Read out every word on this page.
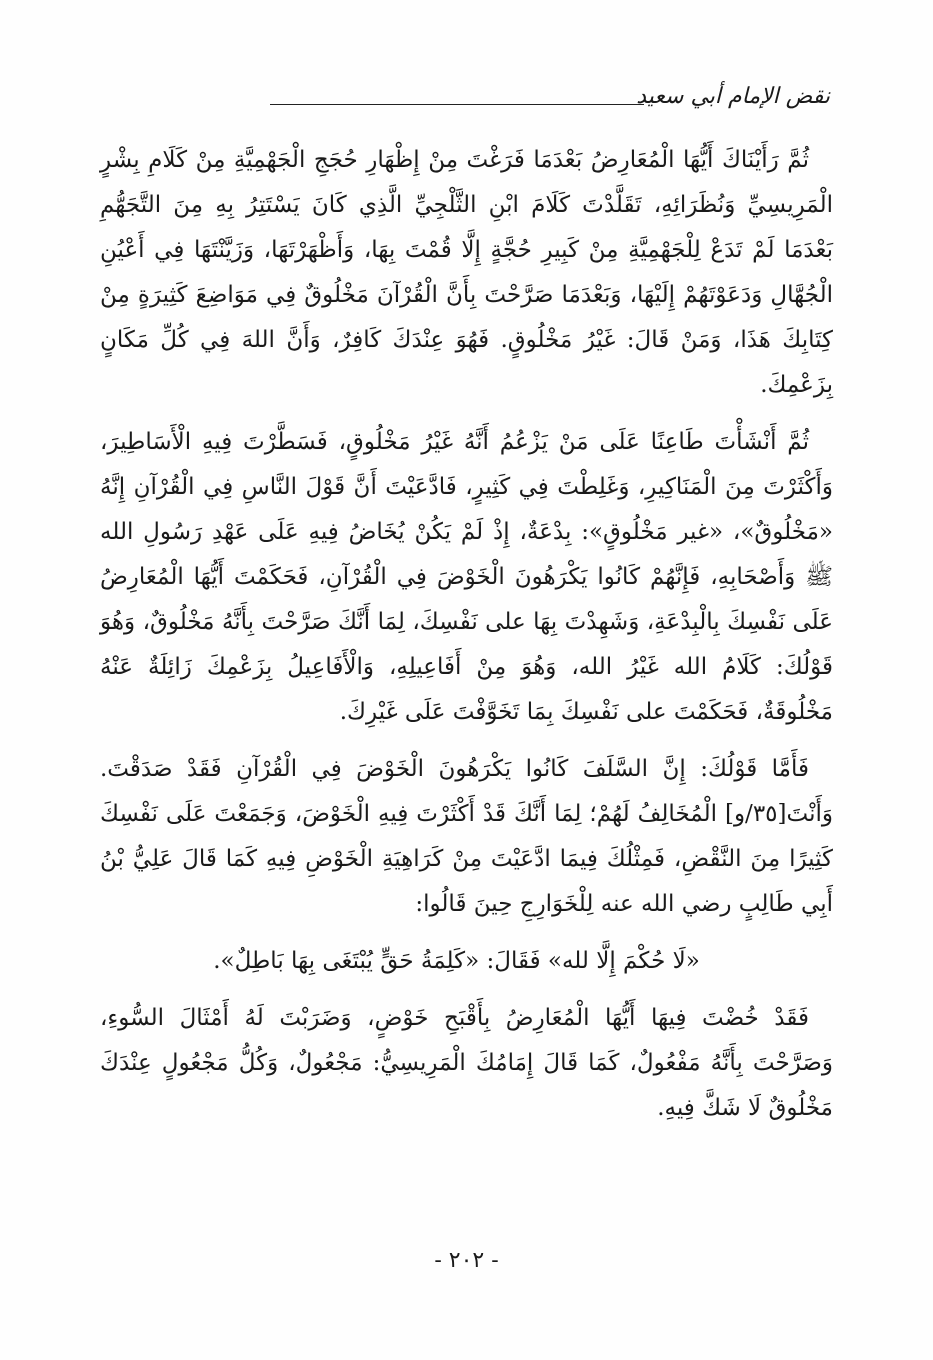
نقض الإمام أبي سعيد

ثُمَّ رَأَيْنَاكَ أَيُّهَا الْمُعَارِضُ بَعْدَمَا فَرَغْتَ مِنْ إِظْهَارِ حُجَجِ الْجَهْمِيَّةِ مِنْ كَلَامِ بِشْرٍ الْمَرِيسِيِّ وَنُظَرَائِهِ، تَقَلَّدْتَ كَلَامَ ابْنِ الثَّلْجِيِّ الَّذِي كَانَ يَسْتَتِرُ بِهِ مِنَ التَّجَهُّمِ بَعْدَمَا لَمْ تَدَعْ لِلْجَهْمِيَّةِ مِنْ كَبِيرِ حُجَّةٍ إِلَّا قُمْتَ بِهَا، وَأَظْهَرْتَهَا، وَزَيَّنْتَهَا فِي أَعْيُنِ الْجُهَّالِ وَدَعَوْتَهُمْ إِلَيْهَا، وَبَعْدَمَا صَرَّحْتَ بِأَنَّ الْقُرْآنَ مَخْلُوقٌ فِي مَوَاضِعَ كَثِيرَةٍ مِنْ كِتَابِكَ هَذَا، وَمَنْ قَالَ: غَيْرُ مَخْلُوقٍ. فَهُوَ عِنْدَكَ كَافِرٌ، وَأَنَّ اللهَ فِي كُلِّ مَكَانٍ بِزَعْمِكَ.

ثُمَّ أَنْشَأْتَ طَاعِنًا عَلَى مَنْ يَزْعُمُ أَنَّهُ غَيْرُ مَخْلُوقٍ، فَسَطَّرْتَ فِيهِ الْأَسَاطِيرَ، وَأَكْثَرْتَ مِنَ الْمَنَاكِيرِ، وَغَلِطْتَ فِي كَثِيرٍ، فَادَّعَيْتَ أَنَّ قَوْلَ النَّاسِ فِي الْقُرْآنِ إِنَّهُ «مَخْلُوقٌ»، «غير مَخْلُوقٍ»: بِدْعَةٌ، إِذْ لَمْ يَكُنْ يُخَاضُ فِيهِ عَلَى عَهْدِ رَسُولِ الله ﷺ وَأَصْحَابِهِ، فَإِنَّهُمْ كَانُوا يَكْرَهُونَ الْخَوْضَ فِي الْقُرْآنِ، فَحَكَمْتَ أَيُّهَا الْمُعَارِضُ عَلَى نَفْسِكَ بِالْبِدْعَةِ، وَشَهِدْتَ بِهَا على نَفْسِكَ، لِمَا أَنَّكَ صَرَّحْتَ بِأَنَّهُ مَخْلُوقٌ، وَهُوَ قَوْلُكَ: كَلَامُ الله غَيْرُ الله، وَهُوَ مِنْ أَفَاعِيلِهِ، وَالْأَفَاعِيلُ بِزَعْمِكَ زَائِلَةٌ عَنْهُ مَخْلُوقَةٌ، فَحَكَمْتَ على نَفْسِكَ بِمَا تَخَوَّفْتَ عَلَى غَيْرِكَ.

فَأَمَّا قَوْلُكَ: إِنَّ السَّلَفَ كَانُوا يَكْرَهُونَ الْخَوْضَ فِي الْقُرْآنِ فَقَدْ صَدَقْتَ. وَأَنْتَ[٣٥/و] الْمُخَالِفُ لَهُمْ؛ لِمَا أَنَّكَ قَدْ أَكْثَرْتَ فِيهِ الْخَوْضَ، وَجَمَعْتَ عَلَى نَفْسِكَ كَثِيرًا مِنَ النَّقْضِ، فَمِثْلُكَ فِيمَا ادَّعَيْتَ مِنْ كَرَاهِيَةِ الْخَوْضِ فِيهِ كَمَا قَالَ عَلِيُّ بْنُ أَبِي طَالِبٍ رضي الله عنه لِلْخَوَارِجِ حِينَ قَالُوا:

«لَا حُكْمَ إِلَّا لله» فَقَالَ: «كَلِمَةُ حَقٍّ يُبْتَغَى بِهَا بَاطِلٌ».

فَقَدْ خُضْتَ فِيهَا أَيُّهَا الْمُعَارِضُ بِأَقْبَحِ خَوْضٍ، وَضَرَبْتَ لَهُ أَمْثَالَ السُّوءِ، وَصَرَّحْتَ بِأَنَّهُ مَفْعُولٌ، كَمَا قَالَ إِمَامُكَ الْمَرِيسِيُّ: مَجْعُولٌ، وَكُلُّ مَجْعُولٍ عِنْدَكَ مَخْلُوقٌ لَا شَكَّ فِيهِ.

- ٢٠٢ -
